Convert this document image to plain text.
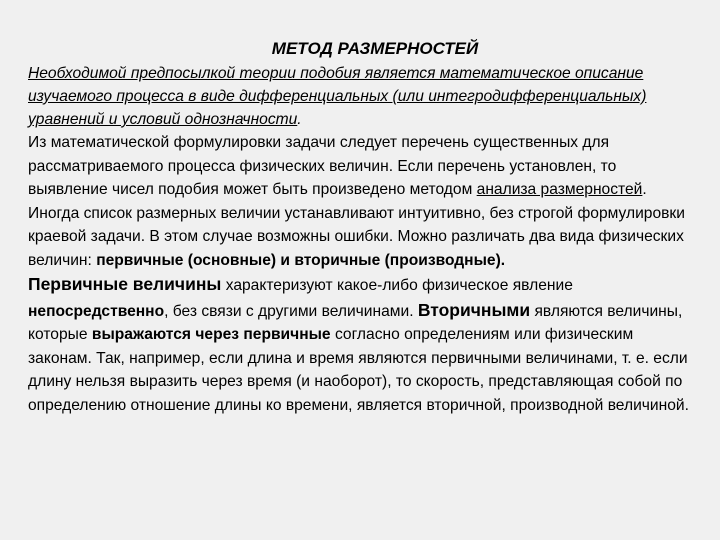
МЕТОД РАЗМЕРНОСТЕЙ

Необходимой предпосылкой теории подобия является математическое описание изучаемого процесса в виде дифференциальных (или интегродифференциальных) уравнений и условий однозначности.

Из математической формулировки задачи следует перечень существенных для рассматриваемого процесса физических величин. Если перечень установлен, то выявление чисел подобия может быть произведено методом анализа размерностей.

Иногда список размерных величии устанавливают интуитивно, без строгой формулировки краевой задачи. В этом случае возможны ошибки. Можно различать два вида физических величин: первичные (основные) и вторичные (производные).

Первичные величины характеризуют какое-либо физическое явление непосредственно, без связи с другими величинами. Вторичными являются величины, которые выражаются через первичные согласно определениям или физическим законам. Так, например, если длина и время являются первичными величинами, т. е. если длину нельзя выразить через время (и наоборот), то скорость, представляющая собой по определению отношение длины ко времени, является вторичной, производной величиной.
